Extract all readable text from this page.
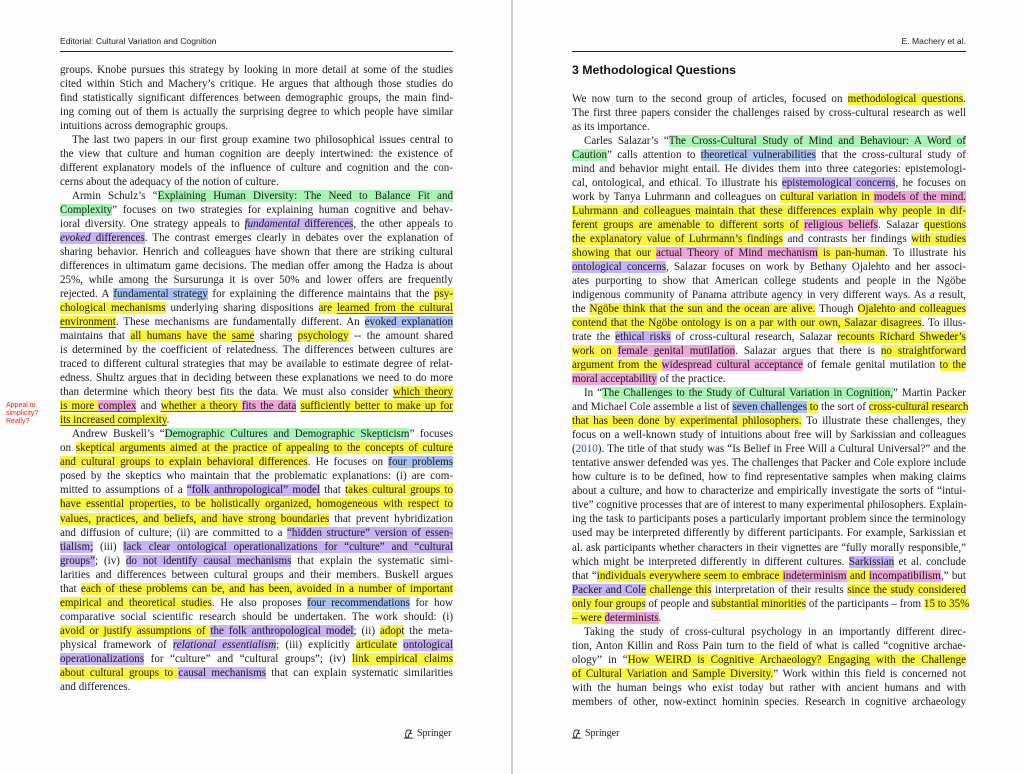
Editorial: Cultural Variation and Cognition
Appeal to
simplicity?
Really?
groups. Knobe pursues this strategy by looking in more detail at some of the studies
cited within Stich and Machery’s critique. He argues that although those studies do
find statistically significant differences between demographic groups, the main find-
ing coming out of them is actually the surprising degree to which people have similar
intuitions across demographic groups.
The last two papers in our first group examine two philosophical issues central to
the view that culture and human cognition are deeply intertwined: the existence of
different explanatory models of the influence of culture and cognition and the con-
cerns about the adequacy of the notion of culture.
Armin Schulz’s “Explaining Human Diversity: The Need to Balance Fit and
Complexity” focuses on two strategies for explaining human cognitive and behav-
ioral diversity. One strategy appeals to fundamental differences, the other appeals to
evoked differences. The contrast emerges clearly in debates over the explanation of
sharing behavior. Henrich and colleagues have shown that there are striking cultural
differences in ultimatum game decisions. The median offer among the Hadza is about
25%, while among the Sursurunga it is over 50% and lower offers are frequently
rejected. A fundamental strategy for explaining the difference maintains that the psy-
chological mechanisms underlying sharing dispositions are learned from the cultural
environment. These mechanisms are fundamentally different. An evoked explanation
maintains that all humans have the same sharing psychology -- the amount shared
is determined by the coefficient of relatedness. The differences between cultures are
traced to different cultural strategies that may be available to estimate degree of relat-
edness. Shultz argues that in deciding between these explanations we need to do more
than determine which theory best fits the data. We must also consider which theory
is more complex and whether a theory fits the data sufficiently better to make up for
its increased complexity.
Andrew Buskell’s “Demographic Cultures and Demographic Skepticism” focuses
on skeptical arguments aimed at the practice of appealing to the concepts of culture
and cultural groups to explain behavioral differences. He focuses on four problems
posed by the skeptics who maintain that the problematic explanations: (i) are com-
mitted to assumptions of a “folk anthropological” model that takes cultural groups to
have essential properties, to be holistically organized, homogeneous with respect to
values, practices, and beliefs, and have strong boundaries that prevent hybridization
and diffusion of culture; (ii) are committed to a “hidden structure” version of essen-
tialism; (iii) lack clear ontological operationalizations for “culture” and “cultural
groups”; (iv) do not identify causal mechanisms that explain the systematic simi-
larities and differences between cultural groups and their members. Buskell argues
that each of these problems can be, and has been, avoided in a number of important
empirical and theoretical studies. He also proposes four recommendations for how
comparative social scientific research should be undertaken. The work should: (i)
avoid or justify assumptions of the folk anthropological model; (ii) adopt the meta-
physical framework of relational essentialism; (iii) explicitly articulate ontological
operationalizations for “culture” and “cultural groups”; (iv) link empirical claims
about cultural groups to causal mechanisms that can explain systematic similarities
and differences.
Springer
E. Machery et al.
3 Methodological Questions
We now turn to the second group of articles, focused on methodological questions.
The first three papers consider the challenges raised by cross-cultural research as well
as its importance.
Carles Salazar’s “The Cross-Cultural Study of Mind and Behaviour: A Word of
Caution” calls attention to theoretical vulnerabilities that the cross-cultural study of
mind and behavior might entail. He divides them into three categories: epistemologi-
cal, ontological, and ethical. To illustrate his epistemological concerns, he focuses on
work by Tanya Luhrmann and colleagues on cultural variation in models of the mind.
Luhrmann and colleagues maintain that these differences explain why people in dif-
ferent groups are amenable to different sorts of religious beliefs. Salazar questions
the explanatory value of Luhrmann’s findings and contrasts her findings with studies
showing that our actual Theory of Mind mechanism is pan-human. To illustrate his
ontological concerns, Salazar focuses on work by Bethany Ojalehto and her associ-
ates purporting to show that American college students and people in the Ngöbe
indigenous community of Panama attribute agency in very different ways. As a result,
the Ngöbe think that the sun and the ocean are alive. Though Ojalehto and colleagues
contend that the Ngöbe ontology is on a par with our own, Salazar disagrees. To illus-
trate the ethical risks of cross-cultural research, Salazar recounts Richard Shweder’s
work on female genital mutilation. Salazar argues that there is no straightforward
argument from the widespread cultural acceptance of female genital mutilation to the
moral acceptability of the practice.
In “The Challenges to the Study of Cultural Variation in Cognition,” Martin Packer
and Michael Cole assemble a list of seven challenges to the sort of cross-cultural research
that has been done by experimental philosophers. To illustrate these challenges, they
focus on a well-known study of intuitions about free will by Sarkissian and colleagues
(2010). The title of that study was “Is Belief in Free Will a Cultural Universal?” and the
tentative answer defended was yes. The challenges that Packer and Cole explore include
how culture is to be defined, how to find representative samples when making claims
about a culture, and how to characterize and empirically investigate the sorts of “intui-
tive” cognitive processes that are of interest to many experimental philosophers. Explain-
ing the task to participants poses a particularly important problem since the terminology
used may be interpreted differently by different participants. For example, Sarkissian et
al. ask participants whether characters in their vignettes are “fully morally responsible,”
which might be interpreted differently in different cultures. Sarkissian et al. conclude
that “individuals everywhere seem to embrace indeterminism and incompatibilism,” but
Packer and Cole challenge this interpretation of their results since the study considered
only four groups of people and substantial minorities of the participants – from 15 to 35%
– were determinists.
Taking the study of cross-cultural psychology in an importantly different direc-
tion, Anton Killin and Ross Pain turn to the field of what is called “cognitive archae-
ology” in “How WEIRD is Cognitive Archaeology? Engaging with the Challenge
of Cultural Variation and Sample Diversity.” Work within this field is concerned not
with the human beings who exist today but rather with ancient humans and with
members of other, now-extinct hominin species. Research in cognitive archaeology
Springer
